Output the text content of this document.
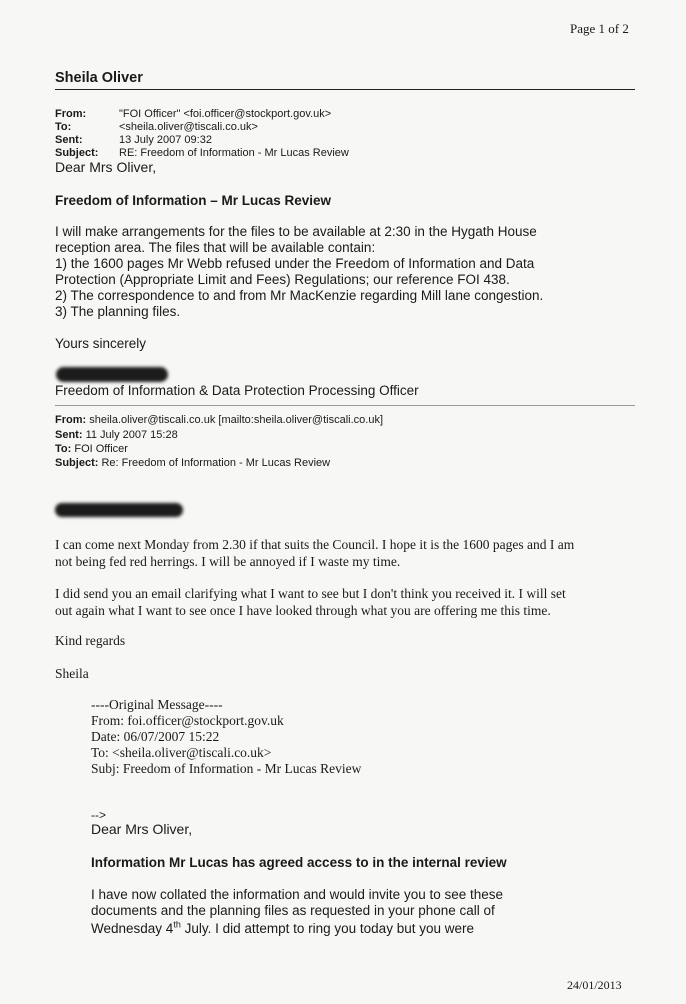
Page 1 of 2
Sheila Oliver
From:	"FOI Officer" <foi.officer@stockport.gov.uk>
To:	<sheila.oliver@tiscali.co.uk>
Sent:	13 July 2007 09:32
Subject: RE: Freedom of Information - Mr Lucas Review
Dear Mrs Oliver,
Freedom of Information – Mr Lucas Review
I will make arrangements for the files to be available at 2:30 in the Hygath House
reception area. The files that will be available contain:
1) the 1600 pages Mr Webb refused under the Freedom of Information and Data
Protection (Appropriate Limit and Fees) Regulations; our reference FOI 438.
2) The correspondence to and from Mr MacKenzie regarding Mill lane congestion.
3) The planning files.
Yours sincerely
Freedom of Information & Data Protection Processing Officer
From: sheila.oliver@tiscali.co.uk [mailto:sheila.oliver@tiscali.co.uk]
Sent: 11 July 2007 15:28
To: FOI Officer
Subject: Re: Freedom of Information - Mr Lucas Review
I can come next Monday from 2.30 if that suits the Council. I hope it is the 1600 pages and I am
not being fed red herrings. I will be annoyed if I waste my time.
I did send you an email clarifying what I want to see but I don't think you received it. I will set
out again what I want to see once I have looked through what you are offering me this time.
Kind regards
Sheila
----Original Message----
From: foi.officer@stockport.gov.uk
Date: 06/07/2007 15:22
To: <sheila.oliver@tiscali.co.uk>
Subj: Freedom of Information - Mr Lucas Review
-->
Dear Mrs Oliver,
Information Mr Lucas has agreed access to in the internal review
I have now collated the information and would invite you to see these
documents and the planning files as requested in your phone call of
Wednesday 4th July. I did attempt to ring you today but you were
24/01/2013
